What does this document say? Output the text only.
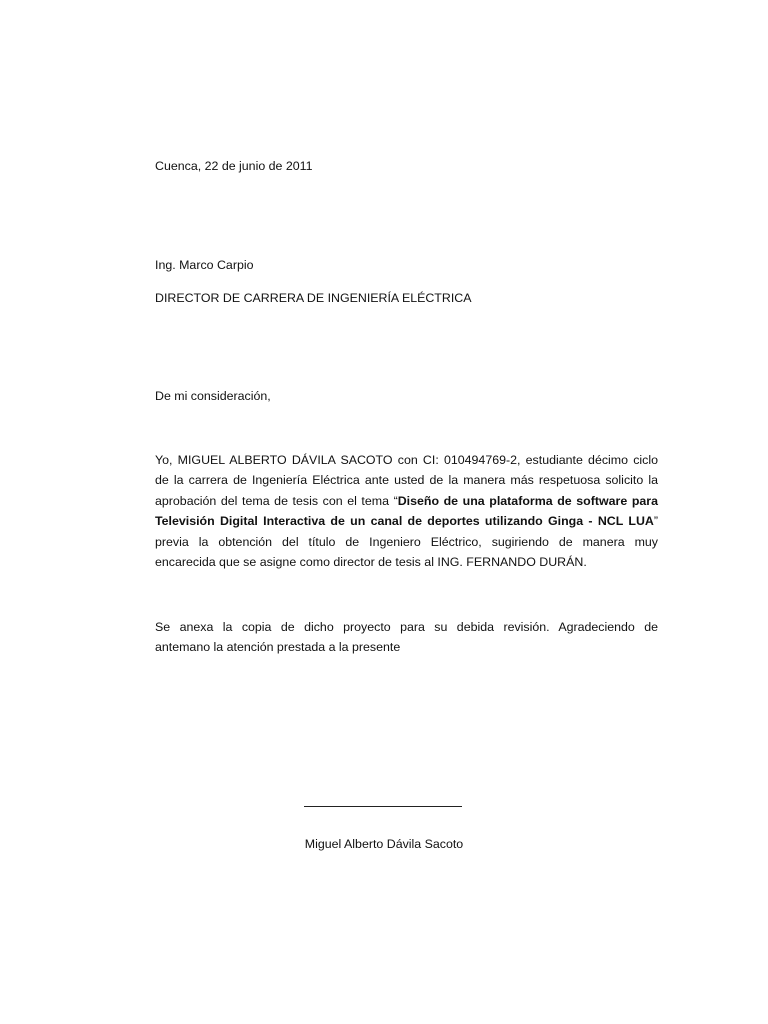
Cuenca, 22 de junio de 2011
Ing. Marco Carpio
DIRECTOR DE CARRERA DE INGENIERÍA ELÉCTRICA
De mi consideración,
Yo, MIGUEL ALBERTO DÁVILA SACOTO con CI: 010494769-2, estudiante décimo ciclo
de la carrera de Ingeniería Eléctrica ante usted de la manera más respetuosa solicito la
aprobación del tema de tesis con el tema “Diseño de una plataforma de software para
Televisión Digital Interactiva de un canal de deportes utilizando Ginga - NCL LUA”
previa la obtención del título de Ingeniero Eléctrico, sugiriendo de manera muy
encarecida que se asigne como director de tesis al ING. FERNANDO DURÁN.
Se anexa la copia de dicho proyecto para su debida revisión. Agradeciendo de
antemano la atención prestada a la presente
Miguel Alberto Dávila Sacoto
